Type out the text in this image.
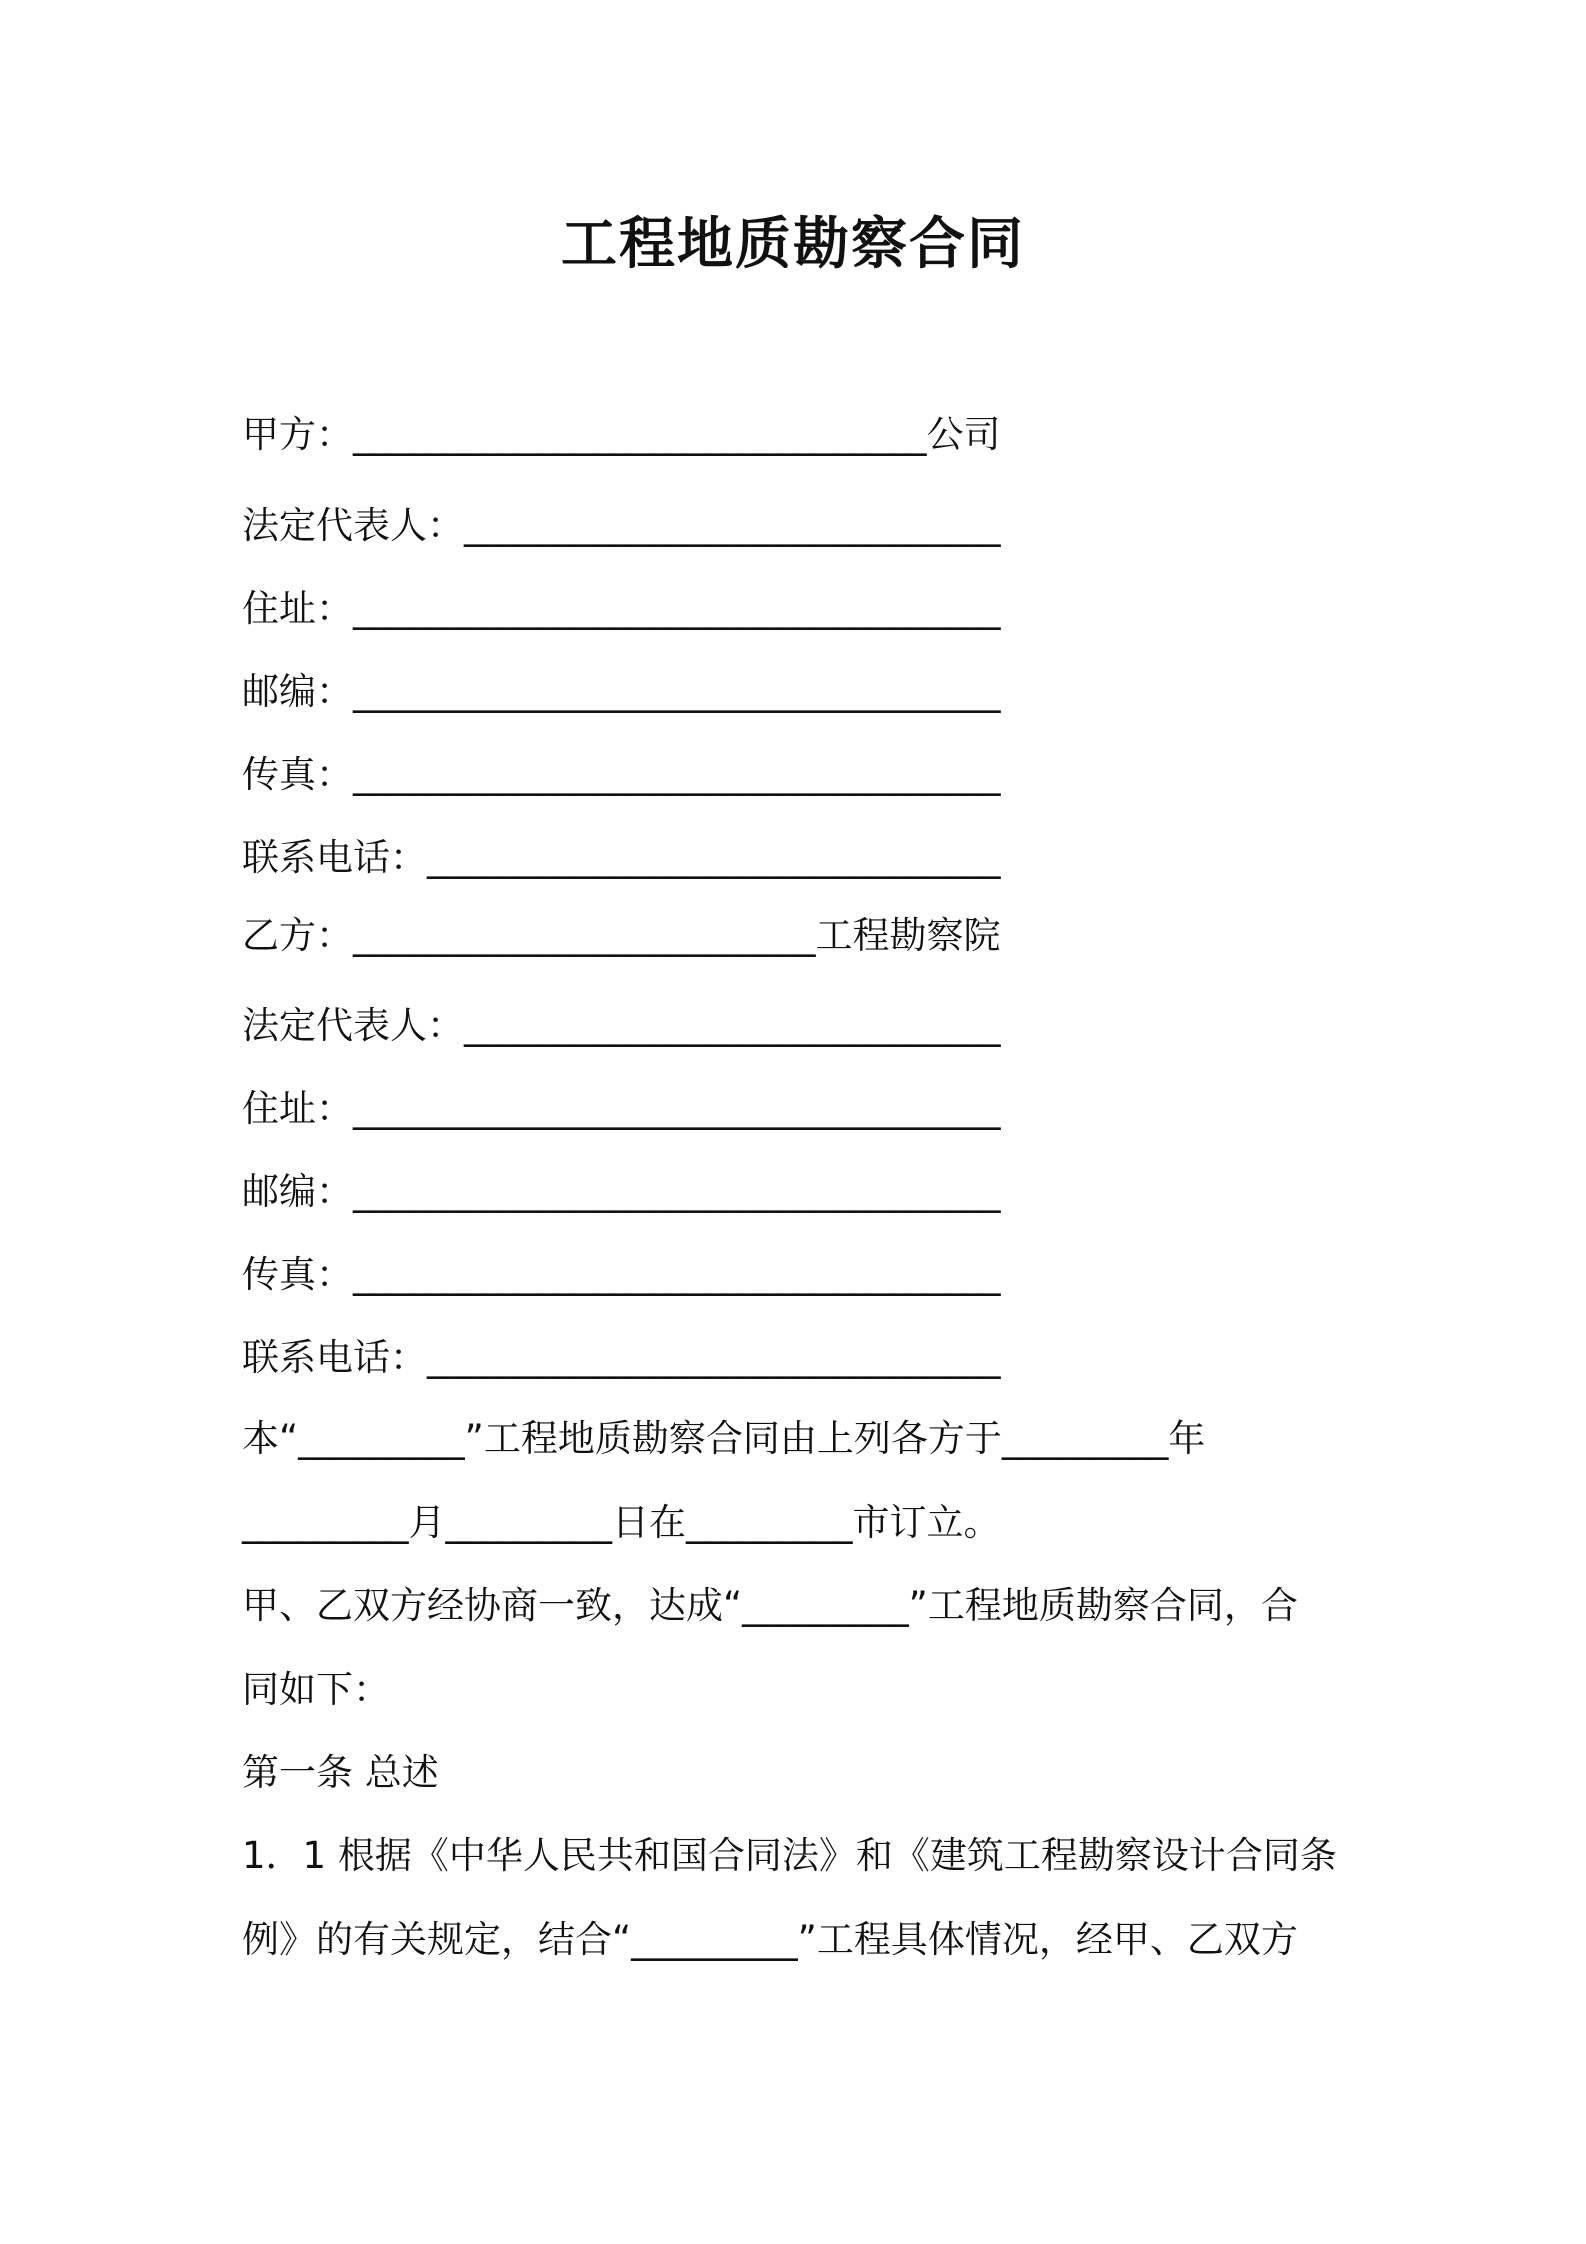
工程地质勘察合同
甲方：_______________________________公司
法定代表人：_____________________________
住址：___________________________________
邮编：___________________________________
传真：___________________________________
联系电话：_______________________________
乙方：_________________________工程勘察院
法定代表人：_____________________________
住址：___________________________________
邮编：___________________________________
传真：___________________________________
联系电话：_______________________________
本“_________”工程地质勘察合同由上列各方于_________年
_________月_________日在_________市订立。
甲、乙双方经协商一致，达成“_________”工程地质勘察合同，合
同如下：
第一条 总述
1．1 根据《中华人民共和国合同法》和《建筑工程勘察设计合同条
例》的有关规定，结合“_________”工程具体情况，经甲、乙双方
